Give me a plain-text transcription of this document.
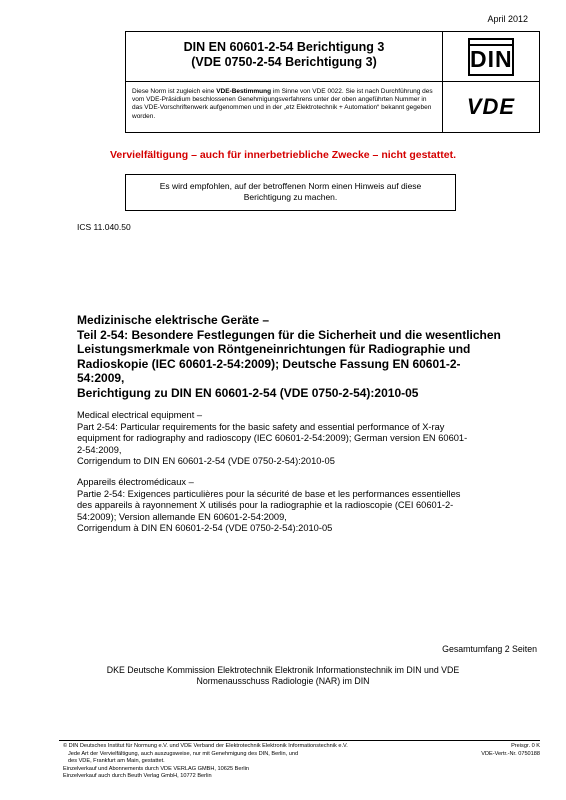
April 2012
DIN EN 60601-2-54 Berichtigung 3
(VDE 0750-2-54 Berichtigung 3)	DIN
Diese Norm ist zugleich eine VDE-Bestimmung im Sinne von VDE 0022. Sie ist nach Durchführung des vom VDE-Präsidium beschlossenen Genehmigungsverfahrens unter der oben angeführten Nummer in das VDE-Vorschriftenwerk aufgenommen und in der „etz Elektrotechnik + Automation“ bekannt gegeben worden.	VDE
Vervielfältigung – auch für innerbetriebliche Zwecke – nicht gestattet.
Es wird empfohlen, auf der betroffenen Norm einen Hinweis auf diese
Berichtigung zu machen.
ICS 11.040.50
Medizinische elektrische Geräte –
Teil 2-54: Besondere Festlegungen für die Sicherheit und die wesentlichen
Leistungsmerkmale von Röntgeneinrichtungen für Radiographie und
Radioskopie (IEC 60601-2-54:2009); Deutsche Fassung EN 60601-2-
54:2009,
Berichtigung zu DIN EN 60601-2-54 (VDE 0750-2-54):2010-05
Medical electrical equipment –
Part 2-54: Particular requirements for the basic safety and essential performance of X-ray
equipment for radiography and radioscopy (IEC 60601-2-54:2009); German version EN 60601-
2-54:2009,
Corrigendum to DIN EN 60601-2-54 (VDE 0750-2-54):2010-05
Appareils électromédicaux –
Partie 2-54: Exigences particulières pour la sécurité de base et les performances essentielles
des appareils à rayonnement X utilisés pour la radiographie et la radioscopie (CEI 60601-2-
54:2009); Version allemande EN 60601-2-54:2009,
Corrigendum à DIN EN 60601-2-54 (VDE 0750-2-54):2010-05
Gesamtumfang 2 Seiten
DKE Deutsche Kommission Elektrotechnik Elektronik Informationstechnik im DIN und VDE
Normenausschuss Radiologie (NAR) im DIN
© DIN Deutsches Institut für Normung e.V. und VDE Verband der Elektrotechnik Elektronik Informationstechnik e.V.
Jede Art der Vervielfältigung, auch auszugsweise, nur mit Genehmigung des DIN, Berlin, und
des VDE, Frankfurt am Main, gestattet.
Einzelverkauf und Abonnements durch VDE VERLAG GMBH, 10625 Berlin
Einzelverkauf auch durch Beuth Verlag GmbH, 10772 Berlin
Preisgr. 0 K
VDE-Vertr.-Nr. 0750188
